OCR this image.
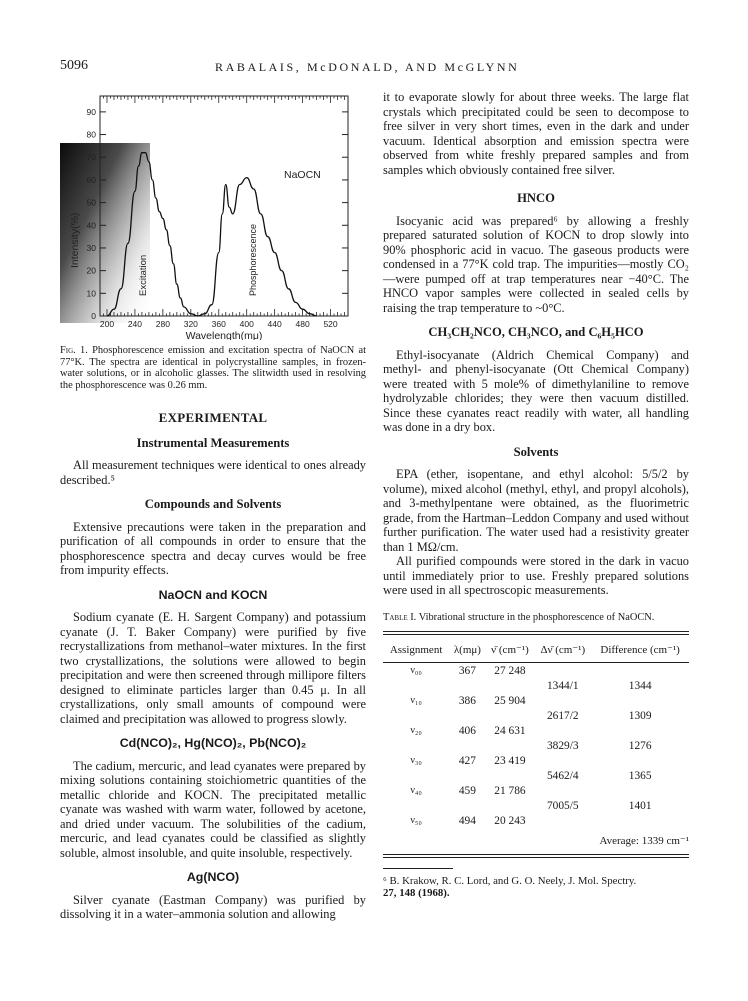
5096	RABALAIS, McDONALD, AND McGLYNN
0
10
20
30
40
50
60
70
80
90
200 240 280 320 360 400 440 480 520
NaOCN
Excitation	Phosphorescence
Intensity(%)
Wavelength(mμ)
Fig. 1. Phosphorescence emission and excitation spectra of NaOCN at 77°K. The spectra are identical in polycrystalline samples, in frozen-water solutions, or in alcoholic glasses. The slitwidth used in resolving the phosphorescence was 0.26 mm.
EXPERIMENTAL
Instrumental Measurements

All measurement techniques were identical to ones already described.⁵

Compounds and Solvents

Extensive precautions were taken in the preparation and purification of all compounds in order to ensure that the phosphorescence spectra and decay curves would be free from impurity effects.

NaOCN and KOCN

Sodium cyanate (E. H. Sargent Company) and potassium cyanate (J. T. Baker Company) were purified by five recrystallizations from methanol–water mixtures. In the first two crystallizations, the solutions were allowed to begin precipitation and were then screened through millipore filters designed to eliminate particles larger than 0.45 μ. In all crystallizations, only small amounts of compound were claimed and precipitation was allowed to progress slowly.

Cd(NCO)₂, Hg(NCO)₂, Pb(NCO)₂

The cadium, mercuric, and lead cyanates were prepared by mixing solutions containing stoichiometric quantities of the metallic chloride and KOCN. The precipitated metallic cyanate was washed with warm water, followed by acetone, and dried under vacuum. The solubilities of the cadium, mercuric, and lead cyanates could be classified as slightly soluble, almost insoluble, and quite insoluble, respectively.

Ag(NCO)

Silver cyanate (Eastman Company) was purified by dissolving it in a water–ammonia solution and allowing

it to evaporate slowly for about three weeks. The large flat crystals which precipitated could be seen to decompose to free silver in very short times, even in the dark and under vacuum. Identical absorption and emission spectra were observed from white freshly prepared samples and from samples which obviously contained free silver.

HNCO

Isocyanic acid was prepared⁶ by allowing a freshly prepared saturated solution of KOCN to drop slowly into 90% phosphoric acid in vacuo. The gaseous products were condensed in a 77°K cold trap. The impurities—mostly CO₂—were pumped off at trap temperatures near −40°C. The HNCO vapor samples were collected in sealed cells by raising the trap temperature to ~0°C.

CH₃CH₂NCO, CH₃NCO, and C₆H₅HCO

Ethyl-isocyanate (Aldrich Chemical Company) and methyl- and phenyl-isocyanate (Ott Chemical Company) were treated with 5 mole% of dimethylaniline to remove hydrolyzable chlorides; they were then vacuum distilled. Since these cyanates react readily with water, all handling was done in a dry box.

Solvents

EPA (ether, isopentane, and ethyl alcohol: 5/5/2 by volume), mixed alcohol (methyl, ethyl, and propyl alcohols), and 3-methylpentane were obtained, as the fluorimetric grade, from the Hartman–Leddon Company and used without further purification. The water used had a resistivity greater than 1 MΩ/cm.

All purified compounds were stored in the dark in vacuo until immediately prior to use. Freshly prepared solutions were used in all spectroscopic measurements.

Table I. Vibrational structure in the phosphorescence of NaOCN.
Assignment	λ(mμ)	ν̄ (cm⁻¹)	Δν̄ (cm⁻¹)	Difference (cm⁻¹)

ν₀₀	367	27 248		
			1344/1	1344
ν₁₀	386	25 904		
			2617/2	1309
ν₂₀	406	24 631		
			3829/3	1276
ν₃₀	427	23 419		
			5462/4	1365
ν₄₀	459	21 786		
			7005/5	1401
ν₅₀	494	20 243		
Average: 1339 cm⁻¹

⁶ B. Krakow, R. C. Lord, and G. O. Neely, J. Mol. Spectry.
27, 148 (1968).
